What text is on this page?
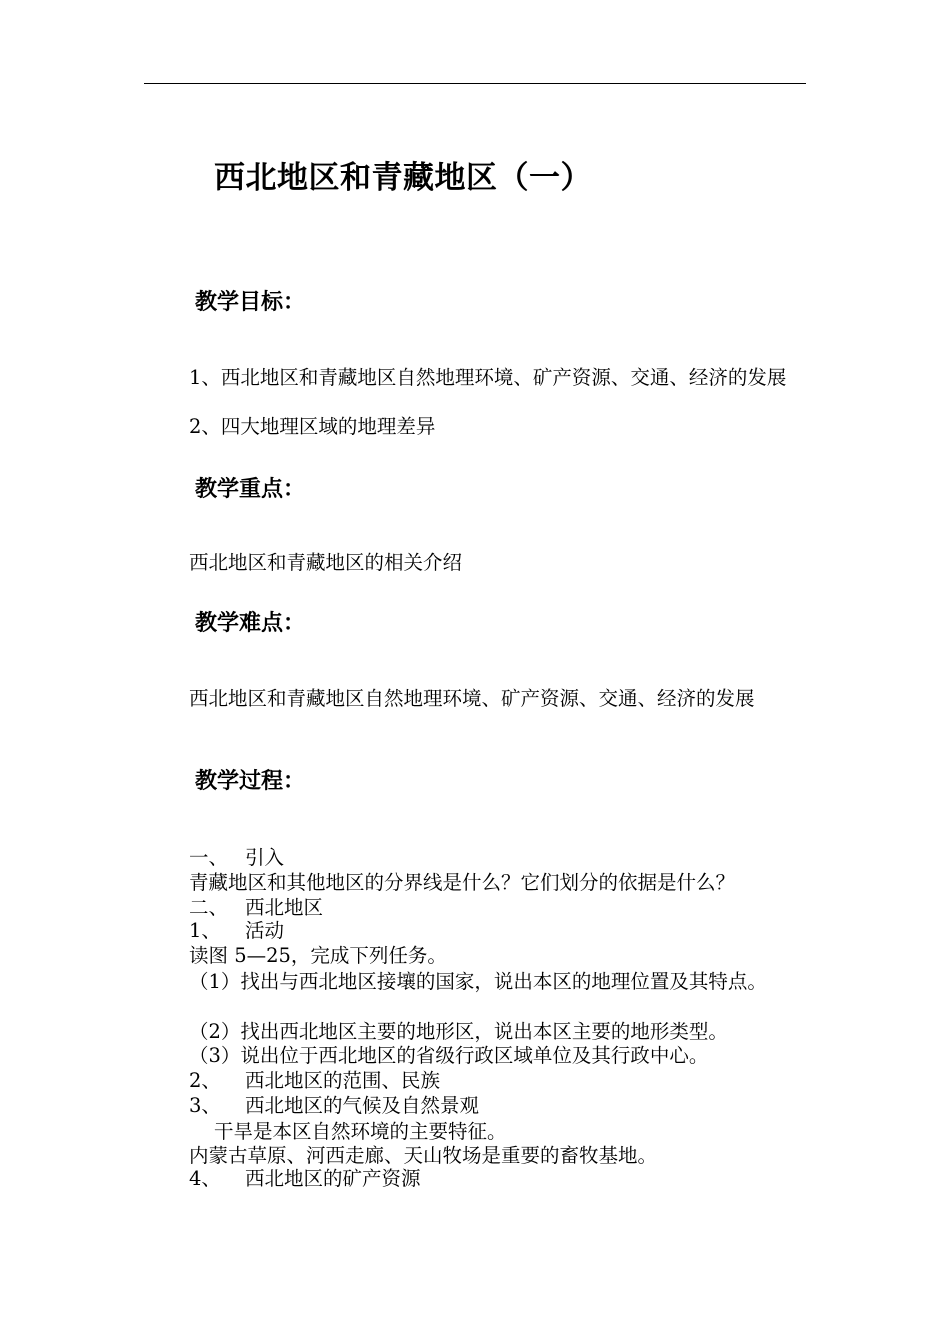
西北地区和青藏地区（一）
教学目标：
1、西北地区和青藏地区自然地理环境、矿产资源、交通、经济的发展
2、四大地理区域的地理差异
教学重点：
西北地区和青藏地区的相关介绍
教学难点：
西北地区和青藏地区自然地理环境、矿产资源、交通、经济的发展
教学过程：
一、 引入
青藏地区和其他地区的分界线是什么？它们划分的依据是什么？
二、 西北地区
1、 活动
读图 5—25，完成下列任务。
（1）找出与西北地区接壤的国家，说出本区的地理位置及其特点。
（2）找出西北地区主要的地形区，说出本区主要的地形类型。
（3）说出位于西北地区的省级行政区域单位及其行政中心。
2、 西北地区的范围、民族
3、 西北地区的气候及自然景观
干旱是本区自然环境的主要特征。
内蒙古草原、河西走廊、天山牧场是重要的畜牧基地。
4、 西北地区的矿产资源
